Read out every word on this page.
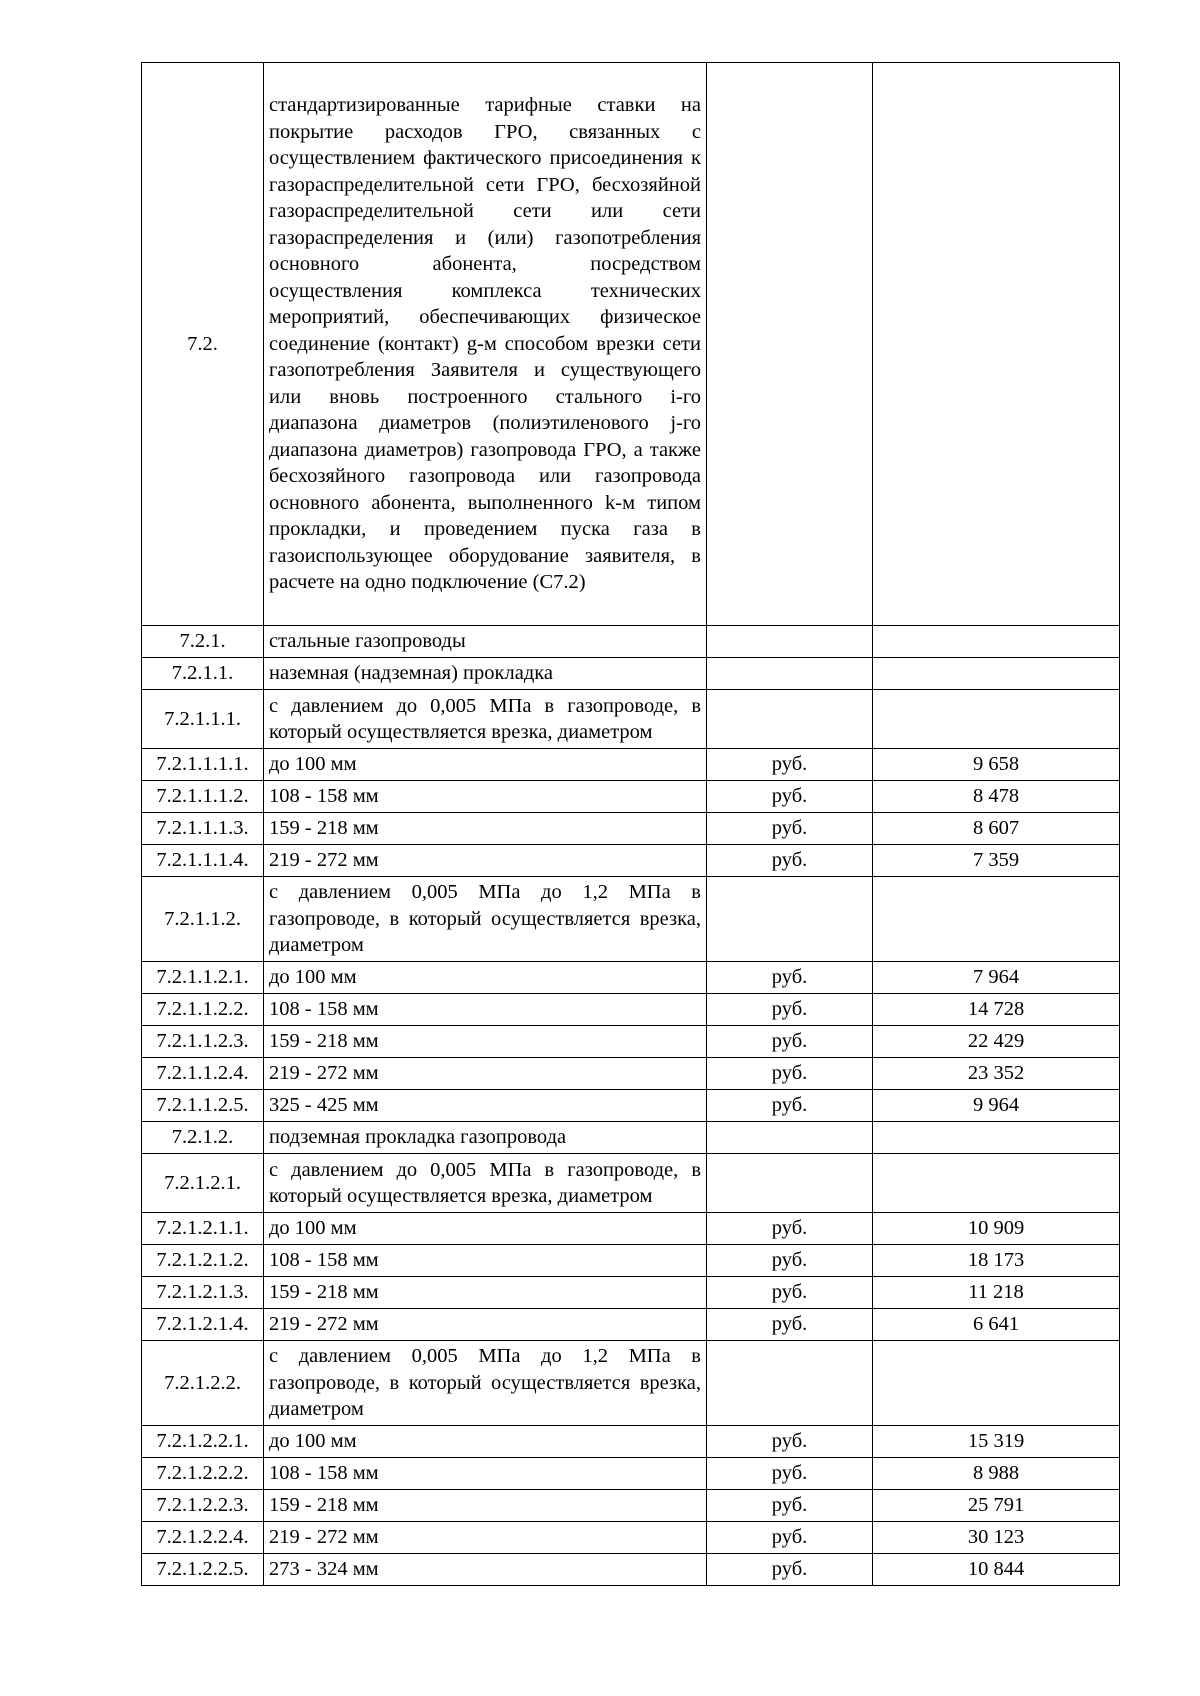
7.2.	стандартизированные тарифные ставки на покрытие расходов ГРО, связанных с осуществлением фактического присоединения к газораспределительной сети ГРО, бесхозяйной газораспределительной сети или сети газораспределения и (или) газопотребления основного абонента, посредством осуществления комплекса технических мероприятий, обеспечивающих физическое соединение (контакт) g-м способом врезки сети газопотребления Заявителя и существующего или вновь построенного стального i-го диапазона диаметров (полиэтиленового j-го диапазона диаметров) газопровода ГРО, а также бесхозяйного газопровода или газопровода основного абонента, выполненного k-м типом прокладки, и проведением пуска газа в газоиспользующее оборудование заявителя, в расчете на одно подключение (С7.2)		
7.2.1.	стальные газопроводы		
7.2.1.1.	наземная (надземная) прокладка		
7.2.1.1.1.	с давлением до 0,005 МПа в газопроводе, в который осуществляется врезка, диаметром		
7.2.1.1.1.1.	до 100 мм	руб.	9 658
7.2.1.1.1.2.	108 - 158 мм	руб.	8 478
7.2.1.1.1.3.	159 - 218 мм	руб.	8 607
7.2.1.1.1.4.	219 - 272 мм	руб.	7 359
7.2.1.1.2.	с давлением 0,005 МПа до 1,2 МПа в газопроводе, в который осуществляется врезка, диаметром		
7.2.1.1.2.1.	до 100 мм	руб.	7 964
7.2.1.1.2.2.	108 - 158 мм	руб.	14 728
7.2.1.1.2.3.	159 - 218 мм	руб.	22 429
7.2.1.1.2.4.	219 - 272 мм	руб.	23 352
7.2.1.1.2.5.	325 - 425 мм	руб.	9 964
7.2.1.2.	подземная прокладка газопровода		
7.2.1.2.1.	с давлением до 0,005 МПа в газопроводе, в который осуществляется врезка, диаметром		
7.2.1.2.1.1.	до 100 мм	руб.	10 909
7.2.1.2.1.2.	108 - 158 мм	руб.	18 173
7.2.1.2.1.3.	159 - 218 мм	руб.	11 218
7.2.1.2.1.4.	219 - 272 мм	руб.	6 641
7.2.1.2.2.	с давлением 0,005 МПа до 1,2 МПа в газопроводе, в который осуществляется врезка, диаметром		
7.2.1.2.2.1.	до 100 мм	руб.	15 319
7.2.1.2.2.2.	108 - 158 мм	руб.	8 988
7.2.1.2.2.3.	159 - 218 мм	руб.	25 791
7.2.1.2.2.4.	219 - 272 мм	руб.	30 123
7.2.1.2.2.5.	273 - 324 мм	руб.	10 844
